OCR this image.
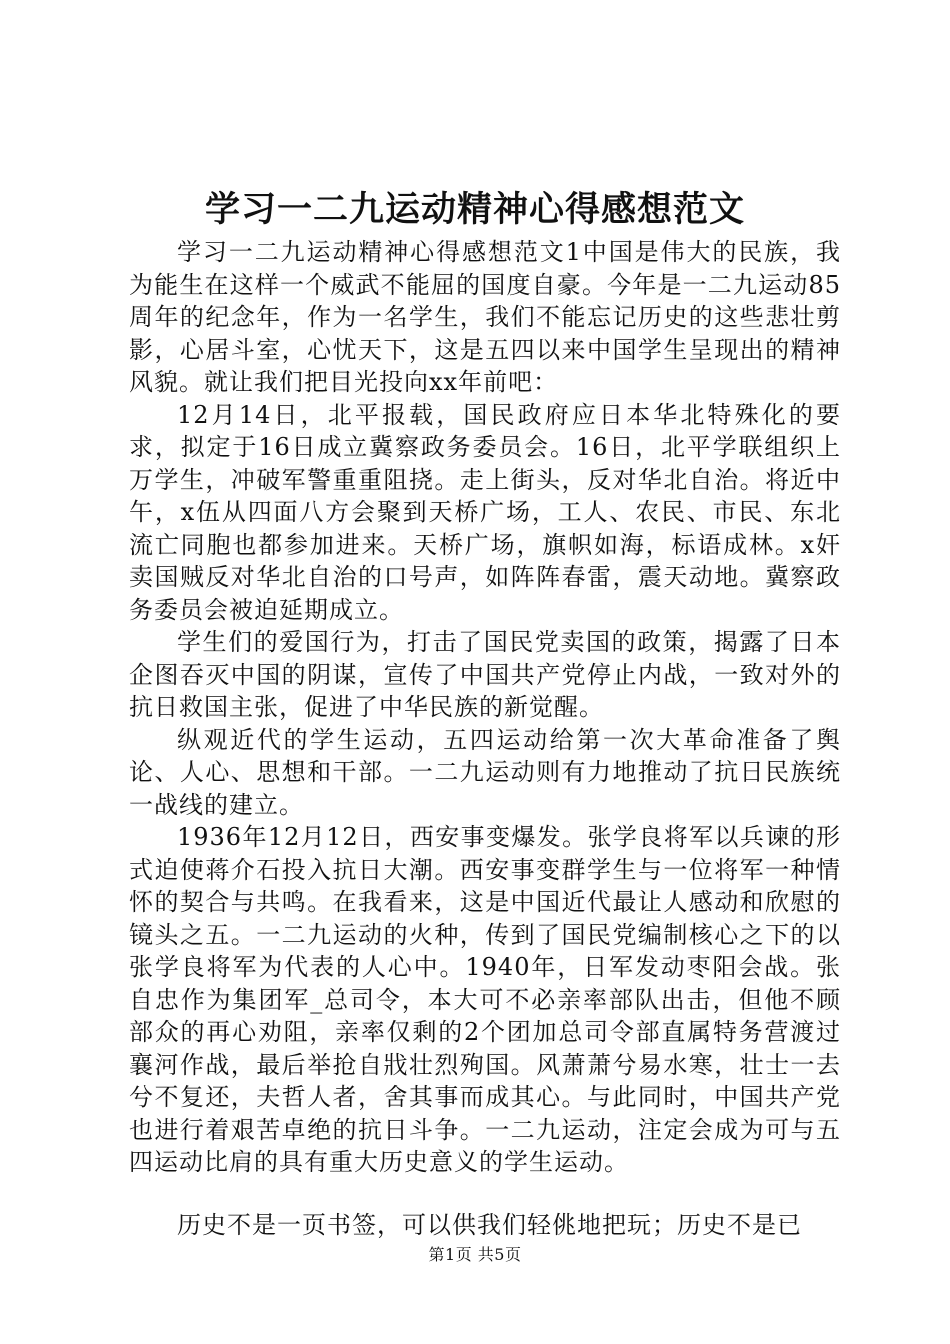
学习一二九运动精神心得感想范文

学习一二九运动精神心得感想范文1中国是伟大的民族，我为能生在这样一个威武不能屈的国度自豪。今年是一二九运动85周年的纪念年，作为一名学生，我们不能忘记历史的这些悲壮剪影，心居斗室，心忧天下，这是五四以来中国学生呈现出的精神风貌。就让我们把目光投向xx年前吧：

12月14日，北平报载，国民政府应日本华北特殊化的要求，拟定于16日成立冀察政务委员会。16日，北平学联组织上万学生，冲破军警重重阻挠。走上街头，反对华北自治。将近中午，x伍从四面八方会聚到天桥广场，工人、农民、市民、东北流亡同胞也都参加进来。天桥广场，旗帜如海，标语成林。x奸卖国贼反对华北自治的口号声，如阵阵春雷，震天动地。冀察政务委员会被迫延期成立。

学生们的爱国行为，打击了国民党卖国的政策，揭露了日本企图吞灭中国的阴谋，宣传了中国共产党停止内战，一致对外的抗日救国主张，促进了中华民族的新觉醒。

纵观近代的学生运动，五四运动给第一次大革命准备了舆论、人心、思想和干部。一二九运动则有力地推动了抗日民族统一战线的建立。

1936年12月12日，西安事变爆发。张学良将军以兵谏的形式迫使蒋介石投入抗日大潮。西安事变群学生与一位将军一种情怀的契合与共鸣。在我看来，这是中国近代最让人感动和欣慰的镜头之五。一二九运动的火种，传到了国民党编制核心之下的以张学良将军为代表的人心中。1940年，日军发动枣阳会战。张自忠作为集团军_总司令，本大可不必亲率部队出击，但他不顾部众的再心劝阻，亲率仅剩的2个团加总司令部直属特务营渡过襄河作战，最后举抢自戕壮烈殉国。风萧萧兮易水寒，壮士一去兮不复还，夫哲人者，舍其事而成其心。与此同时，中国共产党也进行着艰苦卓绝的抗日斗争。一二九运动，注定会成为可与五四运动比肩的具有重大历史意义的学生运动。

历史不是一页书签，可以供我们轻佻地把玩；历史不是已

第1页 共5页
